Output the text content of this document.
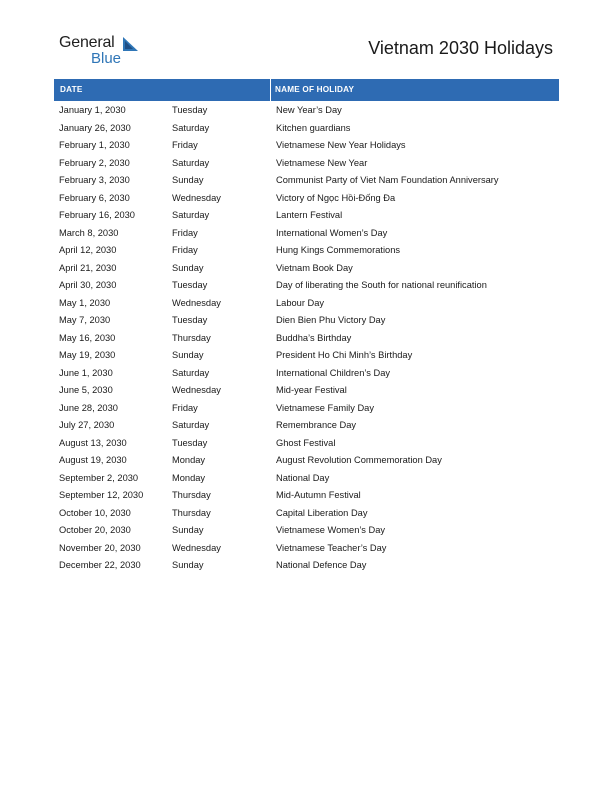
General
Blue
Vietnam 2030 Holidays
DATE	NAME OF HOLIDAY
January 1, 2030	Tuesday	New Year’s Day
January 26, 2030	Saturday	Kitchen guardians
February 1, 2030	Friday	Vietnamese New Year Holidays
February 2, 2030	Saturday	Vietnamese New Year
February 3, 2030	Sunday	Communist Party of Viet Nam Foundation Anniversary
February 6, 2030	Wednesday	Victory of Ngọc Hồi-Đống Đa
February 16, 2030	Saturday	Lantern Festival
March 8, 2030	Friday	International Women’s Day
April 12, 2030	Friday	Hung Kings Commemorations
April 21, 2030	Sunday	Vietnam Book Day
April 30, 2030	Tuesday	Day of liberating the South for national reunification
May 1, 2030	Wednesday	Labour Day
May 7, 2030	Tuesday	Dien Bien Phu Victory Day
May 16, 2030	Thursday	Buddha’s Birthday
May 19, 2030	Sunday	President Ho Chi Minh’s Birthday
June 1, 2030	Saturday	International Children’s Day
June 5, 2030	Wednesday	Mid-year Festival
June 28, 2030	Friday	Vietnamese Family Day
July 27, 2030	Saturday	Remembrance Day
August 13, 2030	Tuesday	Ghost Festival
August 19, 2030	Monday	August Revolution Commemoration Day
September 2, 2030	Monday	National Day
September 12, 2030	Thursday	Mid-Autumn Festival
October 10, 2030	Thursday	Capital Liberation Day
October 20, 2030	Sunday	Vietnamese Women’s Day
November 20, 2030	Wednesday	Vietnamese Teacher’s Day
December 22, 2030	Sunday	National Defence Day
